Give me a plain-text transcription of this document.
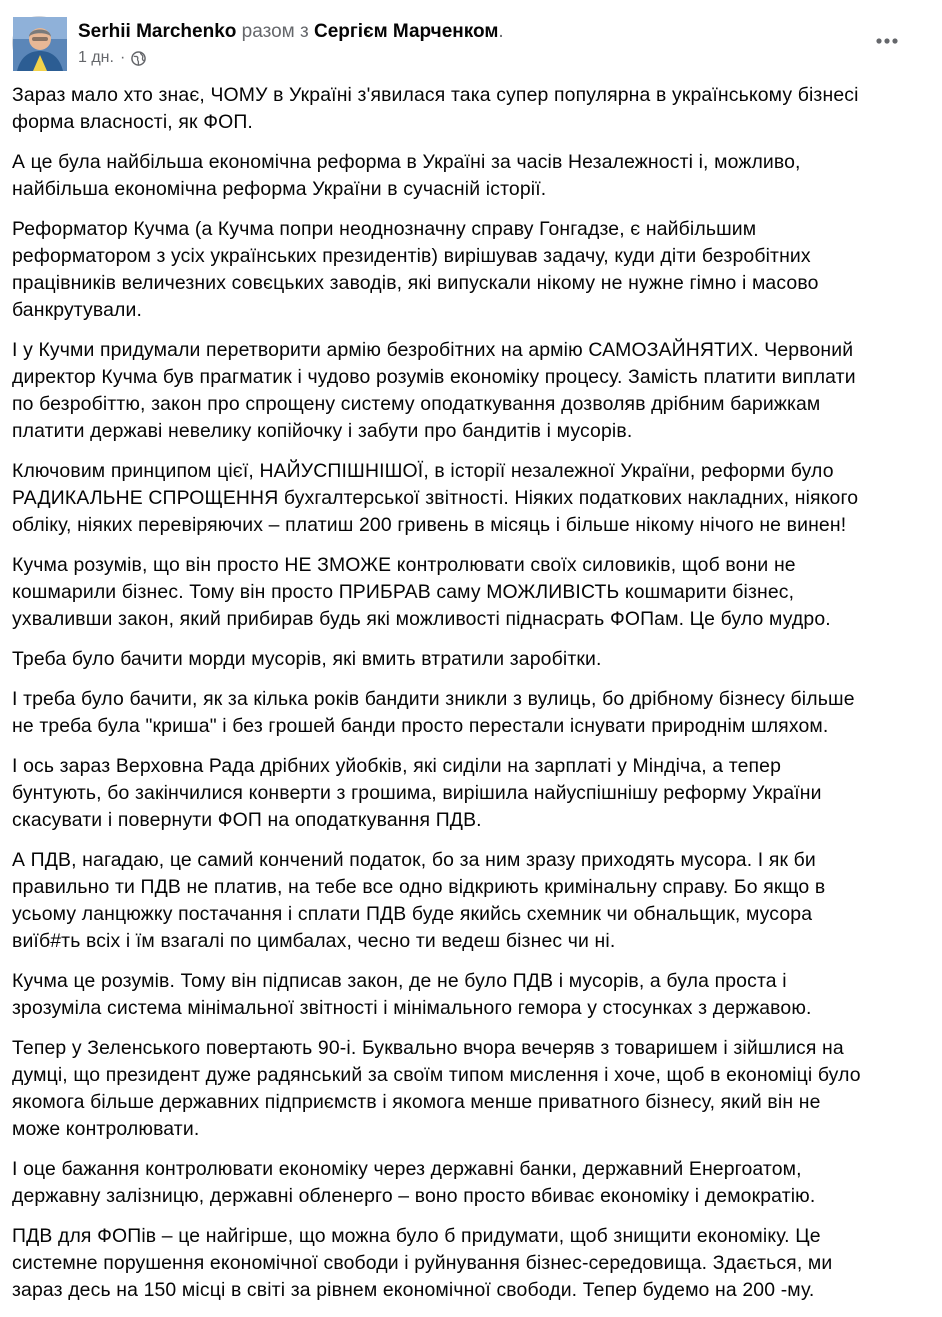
Serhii Marchenko разом з Сергієм Марченком.
1 дн. ·

Зараз мало хто знає, ЧОМУ в Україні з'явилася така супер популярна в українському бізнесі
форма власності, як ФОП.

А це була найбільша економічна реформа в Україні за часів Незалежності і, можливо,
найбільша економічна реформа України в сучасній історії.

Реформатор Кучма (а Кучма попри неоднозначну справу Гонгадзе, є найбільшим
реформатором з усіх українських президентів) вирішував задачу, куди діти безробітних
працівників величезних совєцьких заводів, які випускали нікому не нужне гімно і масово
банкрутували.

І у Кучми придумали перетворити армію безробітних на армію САМОЗАЙНЯТИХ. Червоний
директор Кучма був прагматик і чудово розумів економіку процесу. Замість платити виплати
по безробіттю, закон про спрощену систему оподаткування дозволяв дрібним барижкам
платити державі невелику копійочку і забути про бандитів і мусорів.

Ключовим принципом цієї, НАЙУСПІШНІШОЇ, в історії незалежної України, реформи було
РАДИКАЛЬНЕ СПРОЩЕННЯ бухгалтерської звітності. Ніяких податкових накладних, ніякого
обліку, ніяких перевіряючих – платиш 200 гривень в місяць і більше нікому нічого не винен!

Кучма розумів, що він просто НЕ ЗМОЖЕ контролювати своїх силовиків, щоб вони не
кошмарили бізнес. Тому він просто ПРИБРАВ саму МОЖЛИВІСТЬ кошмарити бізнес,
ухваливши закон, який прибирав будь які можливості піднасрать ФОПам. Це було мудро.

Треба було бачити морди мусорів, які вмить втратили заробітки.

І треба було бачити, як за кілька років бандити зникли з вулиць, бо дрібному бізнесу більше
не треба була "криша" і без грошей банди просто перестали існувати природнім шляхом.

І ось зараз Верховна Рада дрібних уйобків, які сиділи на зарплаті у Міндіча, а тепер
бунтують, бо закінчилися конверти з грошима, вирішила найуспішнішу реформу України
скасувати і повернути ФОП на оподаткування ПДВ.

А ПДВ, нагадаю, це самий кончений податок, бо за ним зразу приходять мусора. І як би
правильно ти ПДВ не платив, на тебе все одно відкриють кримінальну справу. Бо якщо в
усьому ланцюжку постачання і сплати ПДВ буде якийсь схемник чи обнальщик, мусора
виїб#ть всіх і їм взагалі по цимбалах, чесно ти ведеш бізнес чи ні.

Кучма це розумів. Тому він підписав закон, де не було ПДВ і мусорів, а була проста і
зрозуміла система мінімальної звітності і мінімального гемора у стосунках з державою.

Тепер у Зеленського повертають 90-і. Буквально вчора вечеряв з товаришем і зійшлися на
думці, що президент дуже радянський за своїм типом мислення і хоче, щоб в економіці було
якомога більше державних підприємств і якомога менше приватного бізнесу, який він не
може контролювати.

І оце бажання контролювати економіку через державні банки, державний Енергоатом,
державну залізницю, державні обленерго – воно просто вбиває економіку і демократію.

ПДВ для ФОПів – це найгірше, що можна було б придумати, щоб знищити економіку. Це
системне порушення економічної свободи і руйнування бізнес-середовища. Здається, ми
зараз десь на 150 місці в світі за рівнем економічної свободи. Тепер будемо на 200 -му.
